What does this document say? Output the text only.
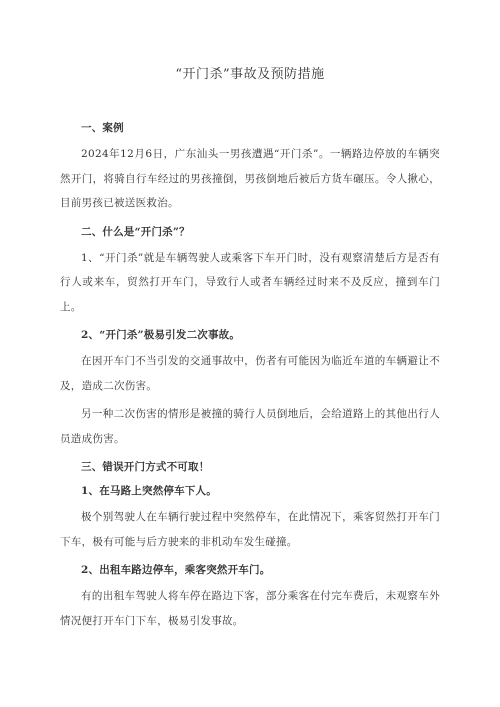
“开门杀”事故及预防措施
一、案例
2024年12月6日，广东汕头一男孩遭遇“开门杀”。一辆路边停放的车辆突然开门，将骑自行车经过的男孩撞倒，男孩倒地后被后方货车碾压。令人揪心，目前男孩已被送医救治。
二、什么是“开门杀”？
1、“开门杀”就是车辆驾驶人或乘客下车开门时，没有观察清楚后方是否有行人或来车，贸然打开车门，导致行人或者车辆经过时来不及反应，撞到车门上。
2、“开门杀”极易引发二次事故。
在因开车门不当引发的交通事故中，伤者有可能因为临近车道的车辆避让不及，造成二次伤害。
另一种二次伤害的情形是被撞的骑行人员倒地后，会给道路上的其他出行人员造成伤害。
三、错误开门方式不可取！
1、在马路上突然停车下人。
极个别驾驶人在车辆行驶过程中突然停车，在此情况下，乘客贸然打开车门下车，极有可能与后方驶来的非机动车发生碰撞。
2、出租车路边停车，乘客突然开车门。
有的出租车驾驶人将车停在路边下客，部分乘客在付完车费后，未观察车外情况便打开车门下车，极易引发事故。
